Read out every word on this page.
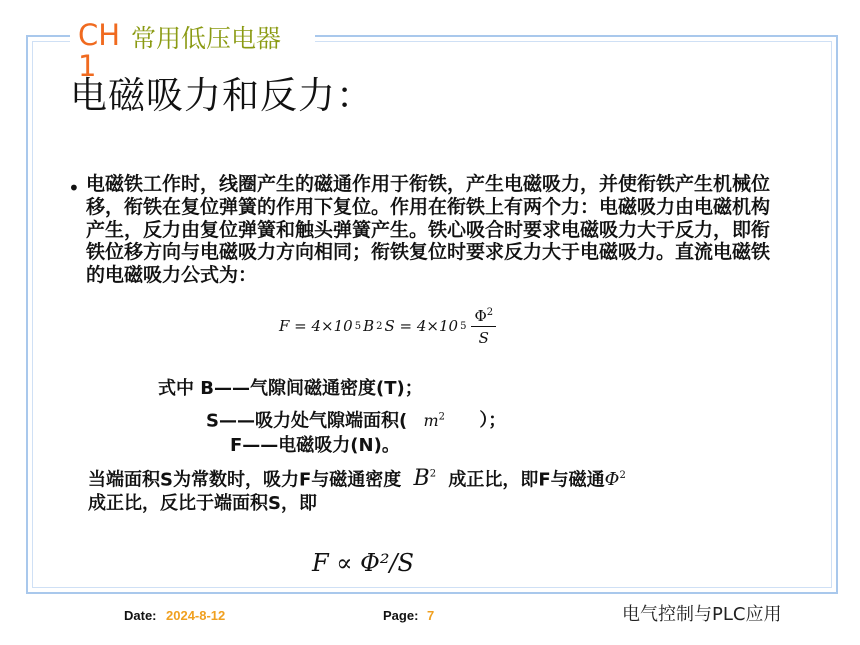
CH 1
常用低压电器
电磁吸力和反力：
• 电磁铁工作时，线圈产生的磁通作用于衔铁，产生电磁吸力，并使衔铁产生机械位移，衔铁在复位弹簧的作用下复位。作用在衔铁上有两个力：电磁吸力由电磁机构产生，反力由复位弹簧和触头弹簧产生。铁心吸合时要求电磁吸力大于反力，即衔铁位移方向与电磁吸力方向相同；衔铁复位时要求反力大于电磁吸力。直流电磁铁的电磁吸力公式为：
F = 4×10 5 B 2 S = 4×10 $5 \frac{\Phi^2}{S}$
式中 B——气隙间磁通密度(T)；
S——吸力处气隙端面积( $m^2$ ）；
F——电磁吸力(N)。
当端面积S为常数时，吸力F与磁通密度 $B^2$ 成正比，即F与磁通$\Phi^2$
成正比，反比于端面积S，即
F ∝ Φ²/S
Date: 2024-8-12	Page: 7	电气控制与PLC应用
